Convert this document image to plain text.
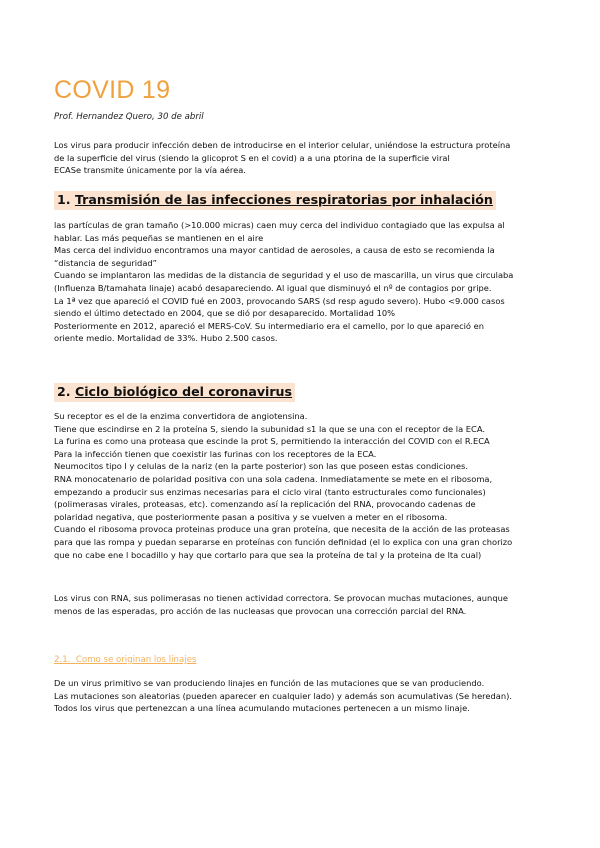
COVID 19

Prof. Hernandez Quero, 30 de abril

Los virus para producir infección deben de introducirse en el interior celular, uniéndose la estructura proteína

de la superficie del virus (siendo la glicoprot S en el covid) a a una ptorina de la superficie viral

ECASe transmite únicamente por la vía aérea.

1. Transmisión de las infecciones respiratorias por inhalación

las partículas de gran tamaño (>10.000 micras) caen muy cerca del individuo contagiado que las expulsa al

hablar. Las más pequeñas se mantienen en el aire

Mas cerca del individuo encontramos una mayor cantidad de aerosoles, a causa de esto se recomienda la

“distancia de seguridad”

Cuando se implantaron las medidas de la distancia de seguridad y el uso de mascarilla, un virus que circulaba

(Influenza B/tamahata linaje) acabó desapareciendo. Al igual que disminuyó el nº de contagios por gripe.

La 1ª vez que apareció el COVID fué en 2003, provocando SARS (sd resp agudo severo). Hubo <9.000 casos

siendo el último detectado en 2004, que se dió por desaparecido. Mortalidad 10%

Posteriormente en 2012, apareció el MERS-CoV. Su intermediario era el camello, por lo que apareció en

oriente medio. Mortalidad de 33%. Hubo 2.500 casos.

2. Ciclo biológico del coronavirus

Su receptor es el de la enzima convertidora de angiotensina.

Tiene que escindirse en 2 la proteína S, siendo la subunidad s1 la que se una con el receptor de la ECA.

La furina es como una proteasa que escinde la prot S, permitiendo la interacción del COVID con el R.ECA

Para la infección tienen que coexistir las furinas con los receptores de la ECA.

Neumocitos tipo I y celulas de la nariz (en la parte posterior) son las que poseen estas condiciones.

RNA monocatenario de polaridad positiva con una sola cadena. Inmediatamente se mete en el ribosoma,

empezando a producir sus enzimas necesarias para el ciclo viral (tanto estructurales como funcionales)

(polimerasas virales, proteasas, etc). comenzando así la replicación del RNA, provocando cadenas de

polaridad negativa, que posteriormente pasan a positiva y se vuelven a meter en el ribosoma.

Cuando el ribosoma provoca proteinas produce una gran proteína, que necesita de la acción de las proteasas

para que las rompa y puedan separarse en proteínas con función definidad (el lo explica con una gran chorizo

que no cabe ene l bocadillo y hay que cortarlo para que sea la proteína de tal y la proteina de lta cual)

Los virus con RNA, sus polimerasas no tienen actividad correctora. Se provocan muchas mutaciones, aunque

menos de las esperadas, pro acción de las nucleasas que provocan una corrección parcial del RNA.

2.1. Como se originan los linajes

De un virus primitivo se van produciendo linajes en función de las mutaciones que se van produciendo.

Las mutaciones son aleatorias (pueden aparecer en cualquier lado) y además son acumulativas (Se heredan).

Todos los virus que pertenezcan a una línea acumulando mutaciones pertenecen a un mismo linaje.
